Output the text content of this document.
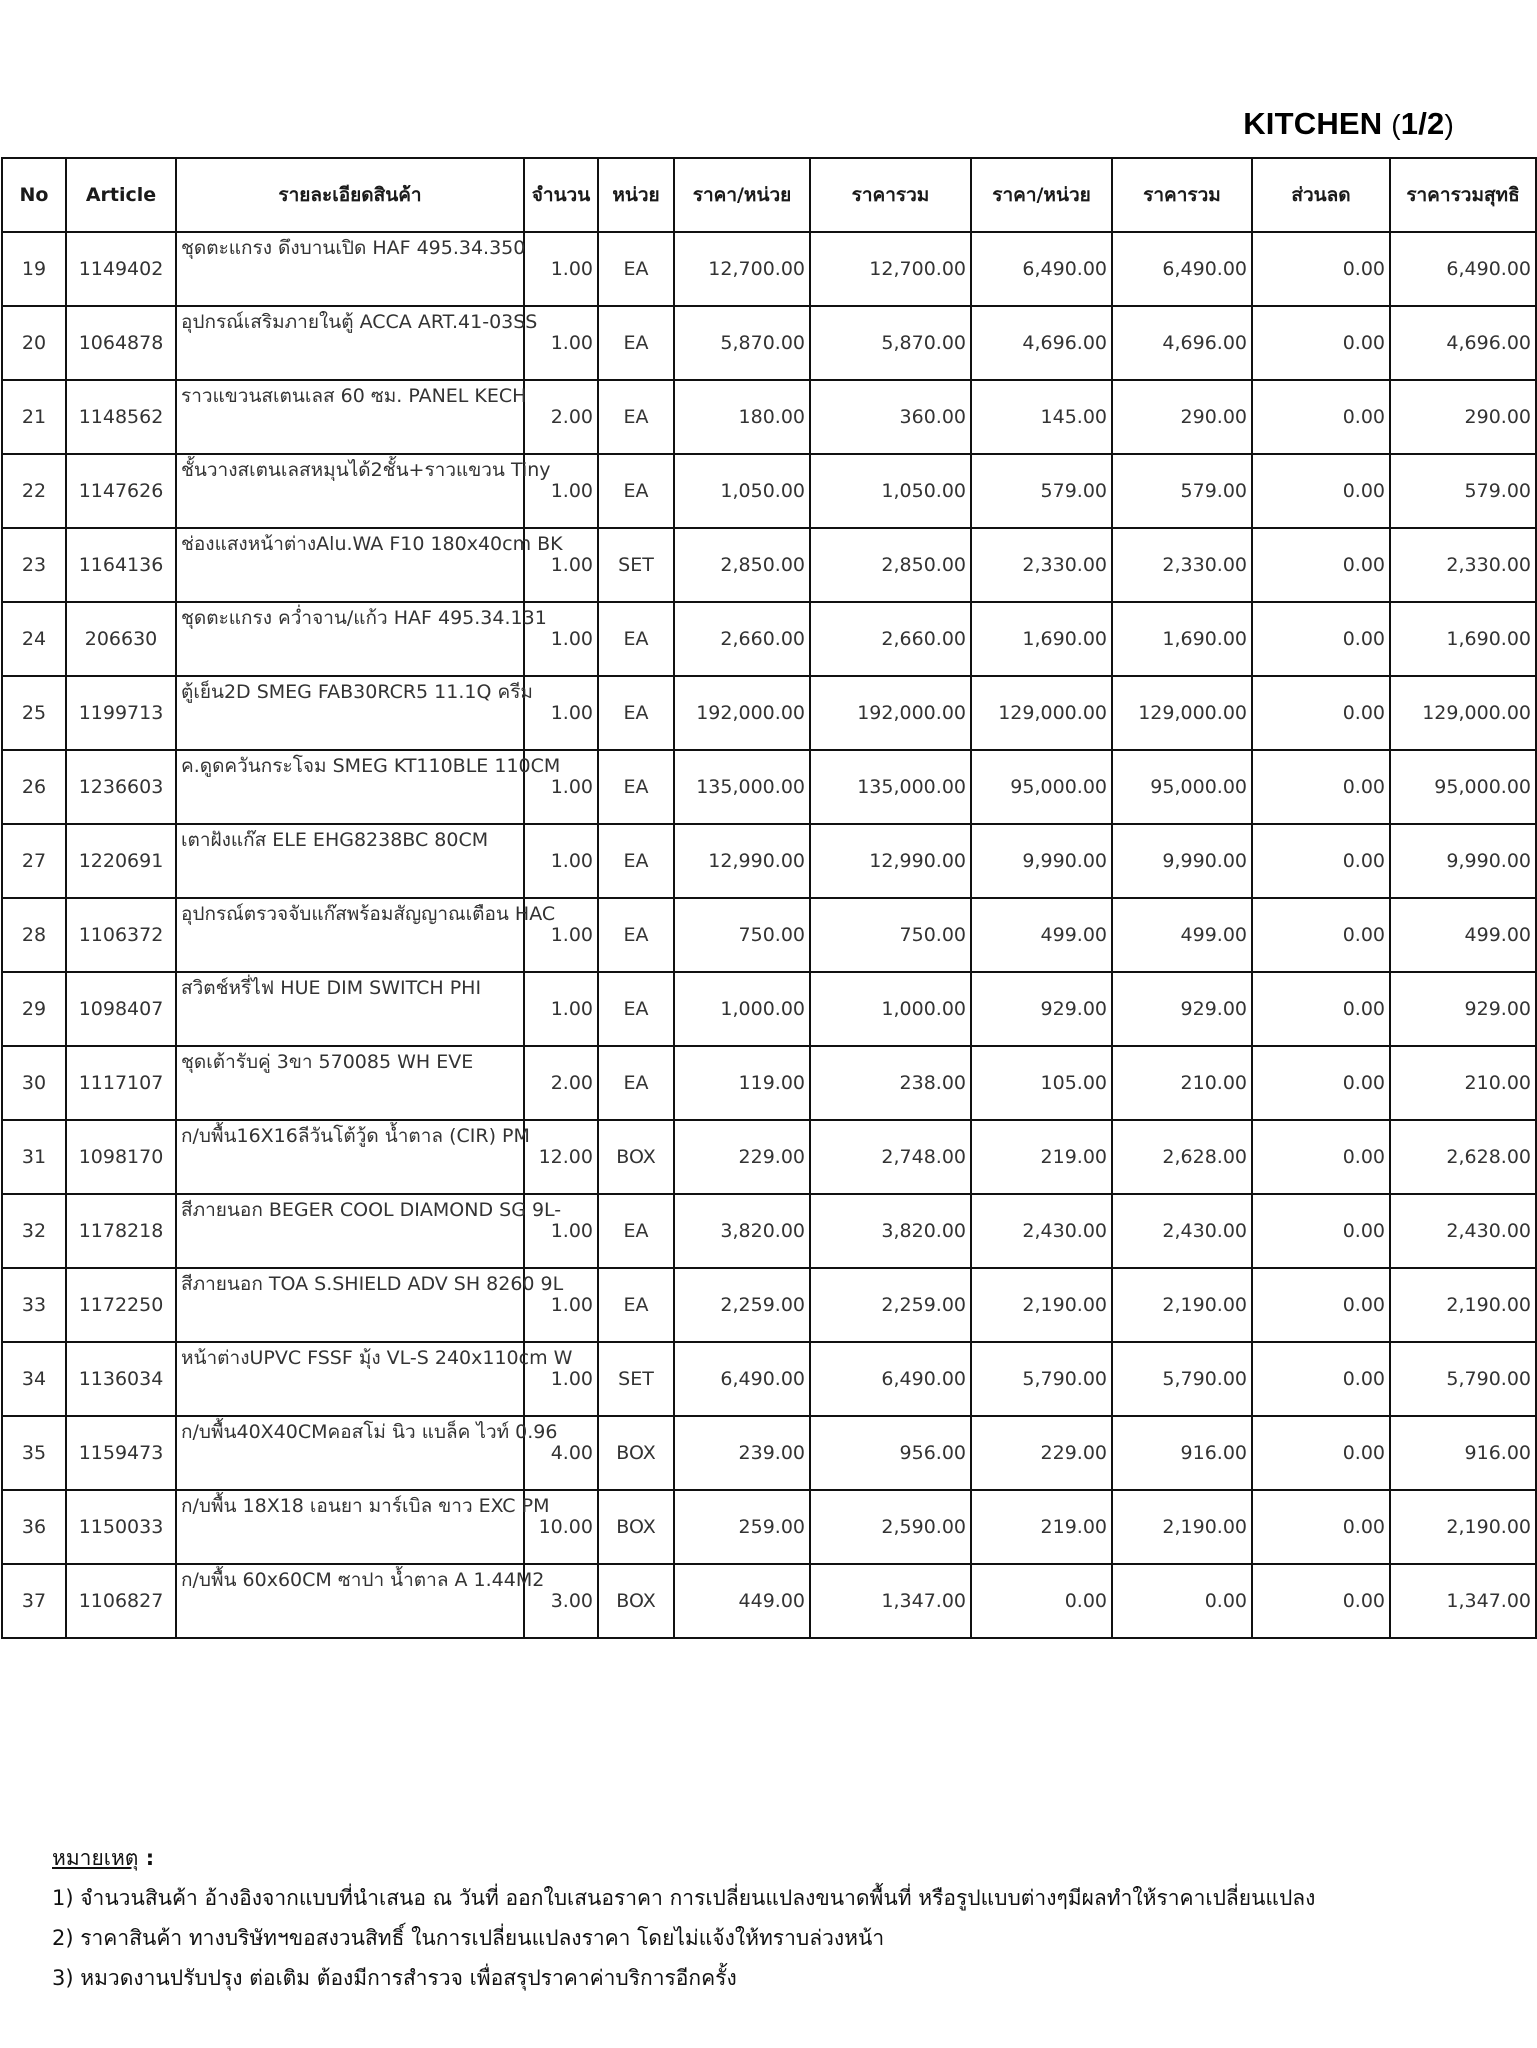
KITCHEN (1/2)
No	Article	รายละเอียดสินค้า	จำนวน	หน่วย	ราคา/หน่วย	ราคารวม	ราคา/หน่วย	ราคารวม	ส่วนลด	ราคารวมสุทธิ
19	1149402	ชุดตะแกรง ดึงบานเปิด HAF 495.34.350	1.00	EA	12,700.00	12,700.00	6,490.00	6,490.00	0.00	6,490.00
20	1064878	อุปกรณ์เสริมภายในตู้ ACCA ART.41-03SS	1.00	EA	5,870.00	5,870.00	4,696.00	4,696.00	0.00	4,696.00
21	1148562	ราวแขวนสเตนเลส 60 ซม. PANEL KECH	2.00	EA	180.00	360.00	145.00	290.00	0.00	290.00
22	1147626	ชั้นวางสเตนเลสหมุนได้2ชั้น+ราวแขวน Tiny	1.00	EA	1,050.00	1,050.00	579.00	579.00	0.00	579.00
23	1164136	ช่องแสงหน้าต่างAlu.WA F10 180x40cm BK	1.00	SET	2,850.00	2,850.00	2,330.00	2,330.00	0.00	2,330.00
24	206630	ชุดตะแกรง คว่ำจาน/แก้ว HAF 495.34.131	1.00	EA	2,660.00	2,660.00	1,690.00	1,690.00	0.00	1,690.00
25	1199713	ตู้เย็น2D SMEG FAB30RCR5 11.1Q ครีม	1.00	EA	192,000.00	192,000.00	129,000.00	129,000.00	0.00	129,000.00
26	1236603	ค.ดูดควันกระโจม SMEG KT110BLE 110CM	1.00	EA	135,000.00	135,000.00	95,000.00	95,000.00	0.00	95,000.00
27	1220691	เตาฝังแก๊ส ELE EHG8238BC 80CM	1.00	EA	12,990.00	12,990.00	9,990.00	9,990.00	0.00	9,990.00
28	1106372	อุปกรณ์ตรวจจับแก๊สพร้อมสัญญาณเตือน HAC	1.00	EA	750.00	750.00	499.00	499.00	0.00	499.00
29	1098407	สวิตช์หรี่ไฟ HUE DIM SWITCH PHI	1.00	EA	1,000.00	1,000.00	929.00	929.00	0.00	929.00
30	1117107	ชุดเต้ารับคู่ 3ขา 570085 WH EVE	2.00	EA	119.00	238.00	105.00	210.00	0.00	210.00
31	1098170	ก/บพื้น16X16ลีวันโต้วู้ด น้ำตาล (CIR) PM	12.00	BOX	229.00	2,748.00	219.00	2,628.00	0.00	2,628.00
32	1178218	สีภายนอก BEGER COOL DIAMOND SG 9L-	1.00	EA	3,820.00	3,820.00	2,430.00	2,430.00	0.00	2,430.00
33	1172250	สีภายนอก TOA S.SHIELD ADV SH 8260 9L	1.00	EA	2,259.00	2,259.00	2,190.00	2,190.00	0.00	2,190.00
34	1136034	หน้าต่างUPVC FSSF มุ้ง VL-S 240x110cm W	1.00	SET	6,490.00	6,490.00	5,790.00	5,790.00	0.00	5,790.00
35	1159473	ก/บพื้น40X40CMคอสโม่ นิว แบล็ค ไวท์ 0.96	4.00	BOX	239.00	956.00	229.00	916.00	0.00	916.00
36	1150033	ก/บพื้น 18X18 เอนยา มาร์เบิล ขาว EXC PM	10.00	BOX	259.00	2,590.00	219.00	2,190.00	0.00	2,190.00
37	1106827	ก/บพื้น 60x60CM ซาปา น้ำตาล A 1.44M2	3.00	BOX	449.00	1,347.00	0.00	0.00	0.00	1,347.00
หมายเหตุ :
1) จำนวนสินค้า อ้างอิงจากแบบที่นำเสนอ ณ วันที่ ออกใบเสนอราคา การเปลี่ยนแปลงขนาดพื้นที่ หรือรูปแบบต่างๆมีผลทำให้ราคาเปลี่ยนแปลง
2) ราคาสินค้า ทางบริษัทฯขอสงวนสิทธิ์ ในการเปลี่ยนแปลงราคา โดยไม่แจ้งให้ทราบล่วงหน้า
3) หมวดงานปรับปรุง ต่อเติม ต้องมีการสำรวจ เพื่อสรุปราคาค่าบริการอีกครั้ง
